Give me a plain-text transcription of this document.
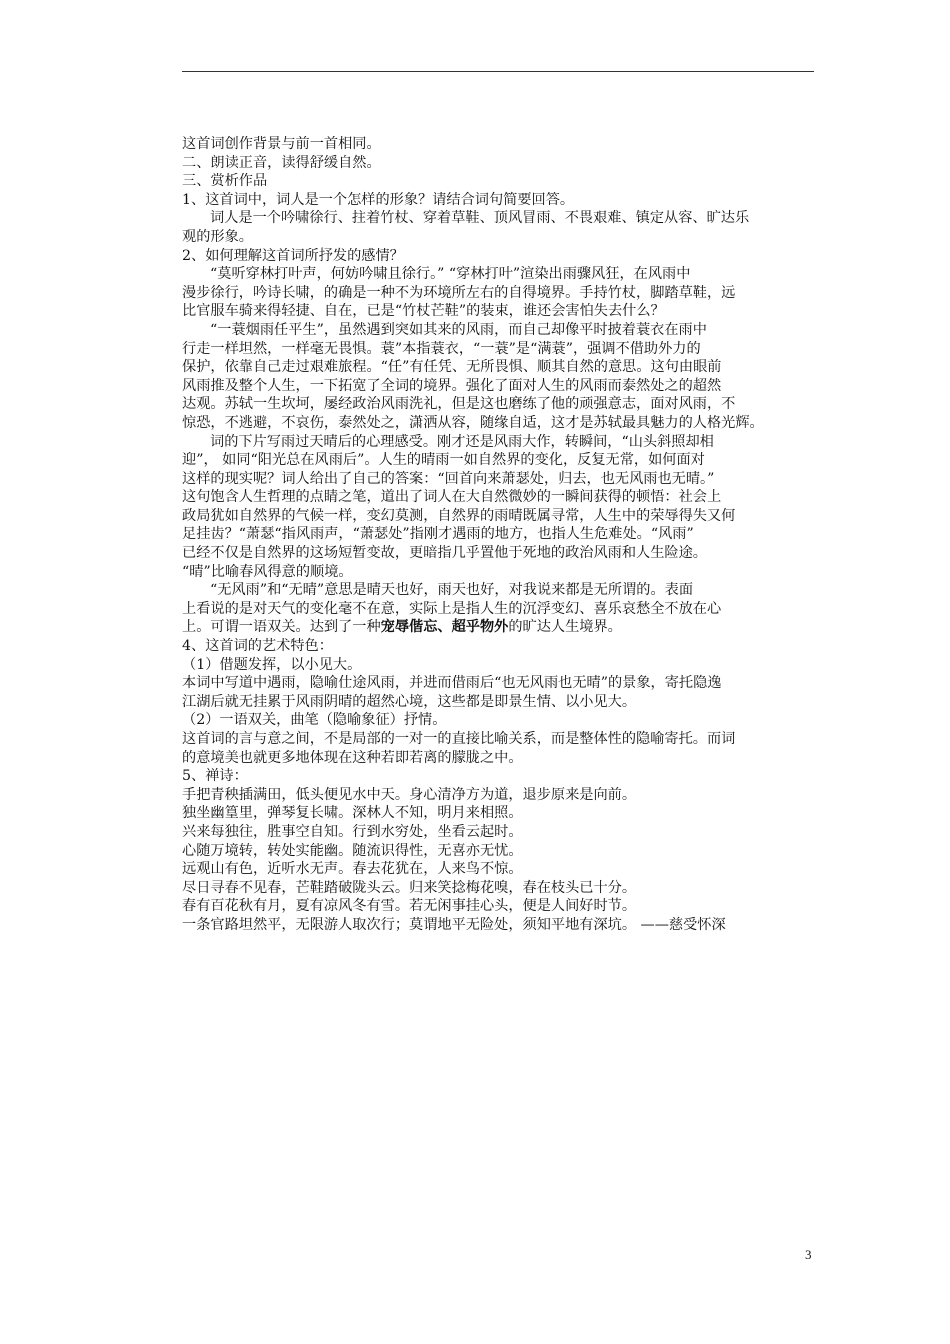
这首词创作背景与前一首相同。
二、朗读正音，读得舒缓自然。
三、赏析作品
1、这首词中，词人是一个怎样的形象？请结合词句简要回答。
词人是一个吟啸徐行、拄着竹杖、穿着草鞋、顶风冒雨、不畏艰难、镇定从容、旷达乐
观的形象。
2、如何理解这首词所抒发的感情？
“莫听穿林打叶声，何妨吟啸且徐行。” “穿林打叶”渲染出雨骤风狂，在风雨中
漫步徐行，吟诗长啸，的确是一种不为环境所左右的自得境界。手持竹杖，脚踏草鞋，远
比官服车骑来得轻捷、自在，已是“竹杖芒鞋”的装束，谁还会害怕失去什么？
“一蓑烟雨任平生”，虽然遇到突如其来的风雨，而自己却像平时披着蓑衣在雨中
行走一样坦然，一样毫无畏惧。蓑”本指蓑衣，“一蓑”是“满蓑”，强调不借助外力的
保护，依靠自己走过艰难旅程。“任”有任凭、无所畏惧、顺其自然的意思。这句由眼前
风雨推及整个人生，一下拓宽了全词的境界。强化了面对人生的风雨而泰然处之的超然
达观。苏轼一生坎坷，屡经政治风雨洗礼，但是这也磨练了他的顽强意志，面对风雨，不
惊恐，不逃避，不哀伤，泰然处之，潇洒从容，随缘自适，这才是苏轼最具魅力的人格光辉。
词的下片写雨过天晴后的心理感受。刚才还是风雨大作，转瞬间，“山头斜照却相
迎”， 如同“阳光总在风雨后”。人生的晴雨一如自然界的变化，反复无常，如何面对
这样的现实呢？词人给出了自己的答案：“回首向来萧瑟处，归去，也无风雨也无晴。”
这句饱含人生哲理的点睛之笔，道出了词人在大自然微妙的一瞬间获得的顿悟：社会上
政局犹如自然界的气候一样，变幻莫测，自然界的雨晴既属寻常，人生中的荣辱得失又何
足挂齿？“萧瑟“指风雨声，“萧瑟处”指刚才遇雨的地方，也指人生危难处。“风雨”
已经不仅是自然界的这场短暂变故，更暗指几乎置他于死地的政治风雨和人生险途。
“晴”比喻春风得意的顺境。
“无风雨”和“无晴”意思是晴天也好，雨天也好，对我说来都是无所谓的。表面
上看说的是对天气的变化毫不在意，实际上是指人生的沉浮变幻、喜乐哀愁全不放在心
上。可谓一语双关。达到了一种宠辱偕忘、超乎物外的旷达人生境界。
4、这首词的艺术特色：
（1）借题发挥，以小见大。
本词中写道中遇雨，隐喻仕途风雨，并进而借雨后“也无风雨也无晴”的景象，寄托隐逸
江湖后就无挂累于风雨阴晴的超然心境，这些都是即景生情、以小见大。
（2）一语双关，曲笔（隐喻象征）抒情。
这首词的言与意之间，不是局部的一对一的直接比喻关系，而是整体性的隐喻寄托。而词
的意境美也就更多地体现在这种若即若离的朦胧之中。
5、禅诗：
手把青秧插满田，低头便见水中天。身心清净方为道，退步原来是向前。
独坐幽篁里，弹琴复长啸。深林人不知，明月来相照。
兴来每独往，胜事空自知。行到水穷处，坐看云起时。
心随万境转，转处实能幽。随流识得性，无喜亦无忧。
远观山有色，近听水无声。春去花犹在，人来鸟不惊。
尽日寻春不见春，芒鞋踏破陇头云。归来笑捻梅花嗅，春在枝头已十分。
春有百花秋有月，夏有凉风冬有雪。若无闲事挂心头，便是人间好时节。
一条官路坦然平，无限游人取次行；莫谓地平无险处，须知平地有深坑。 ——慈受怀深
3
